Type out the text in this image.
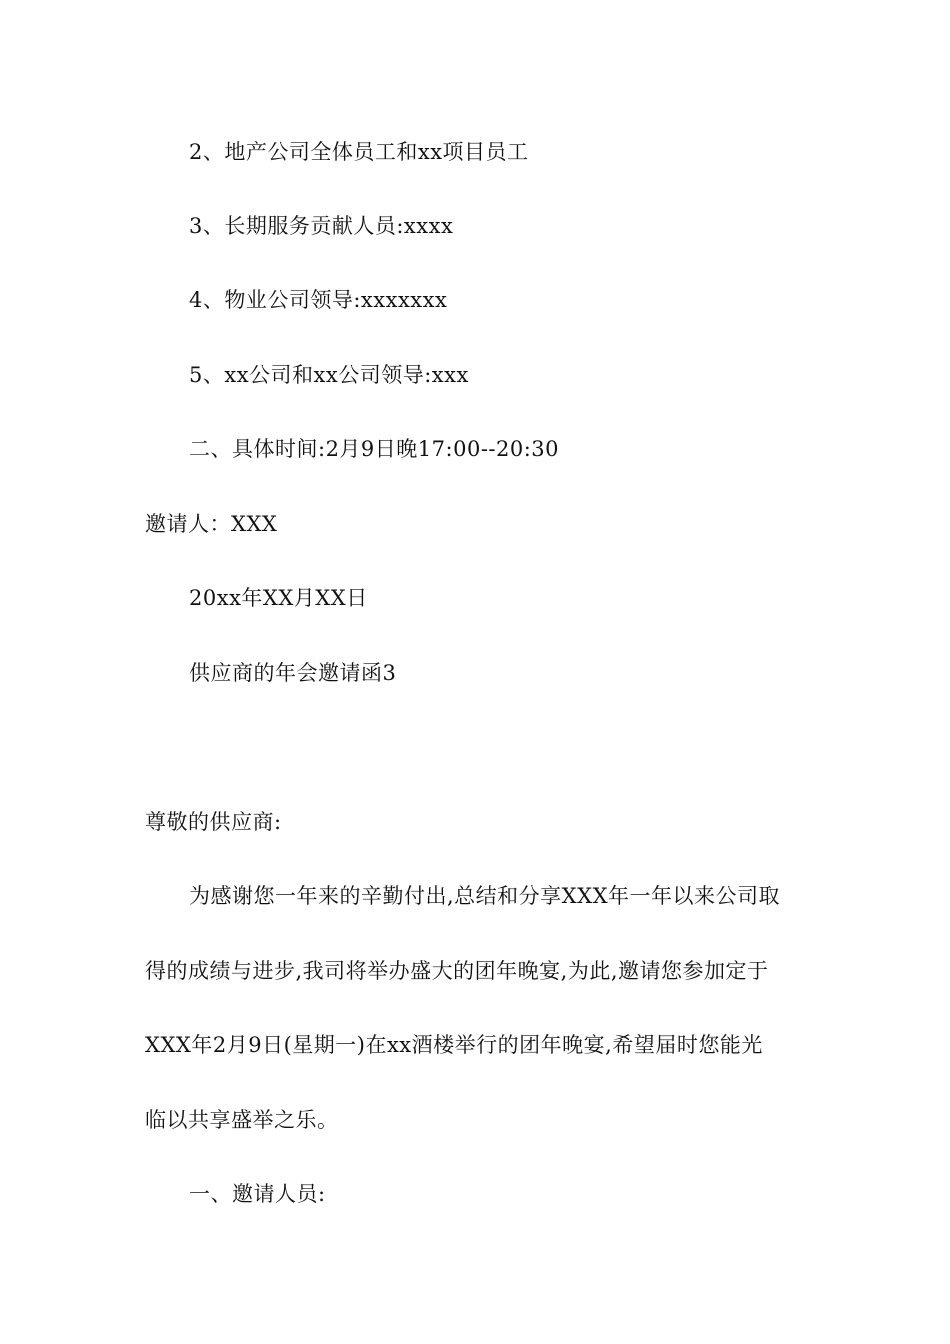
2、地产公司全体员工和xx项目员工
3、长期服务贡献人员:xxxx
4、物业公司领导:xxxxxxx
5、xx公司和xx公司领导:xxx
二、具体时间:2月9日晚17:00--20:30
邀请人：XXX
20xx年XX月XX日
供应商的年会邀请函3
尊敬的供应商:
为感谢您一年来的辛勤付出,总结和分享XXX年一年以来公司取
得的成绩与进步,我司将举办盛大的团年晚宴,为此,邀请您参加定于
XXX年2月9日(星期一)在xx酒楼举行的团年晚宴,希望届时您能光
临以共享盛举之乐。
一、邀请人员:
